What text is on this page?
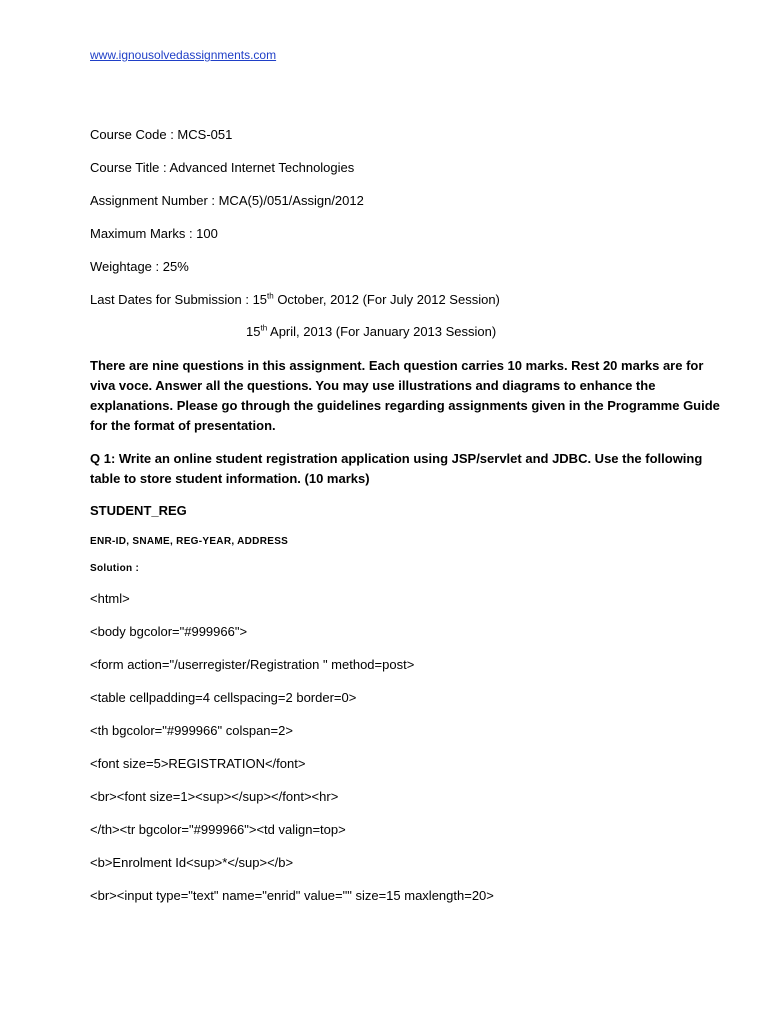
www.ignousolvedassignments.com
Course Code : MCS-051
Course Title : Advanced Internet Technologies
Assignment Number : MCA(5)/051/Assign/2012
Maximum Marks : 100
Weightage : 25%
Last Dates for Submission : 15th October, 2012 (For July 2012 Session)
15th April, 2013 (For January 2013 Session)
There are nine questions in this assignment. Each question carries 10 marks. Rest 20 marks are for
viva voce. Answer all the questions. You may use illustrations and diagrams to enhance the
explanations. Please go through the guidelines regarding assignments given in the Programme Guide
for the format of presentation.
Q 1: Write an online student registration application using JSP/servlet and JDBC. Use the following
table to store student information. (10 marks)
STUDENT_REG
ENR-ID, SNAME, REG-YEAR, ADDRESS
Solution :
<html>
<body bgcolor="#999966">
<form action="/userregister/Registration " method=post>
<table cellpadding=4 cellspacing=2 border=0>
<th bgcolor="#999966" colspan=2>
<font size=5>REGISTRATION</font>
<br><font size=1><sup></sup></font><hr>
</th><tr bgcolor="#999966"><td valign=top>
<b>Enrolment Id<sup>*</sup></b>
<br><input type="text" name="enrid" value="" size=15 maxlength=20>
